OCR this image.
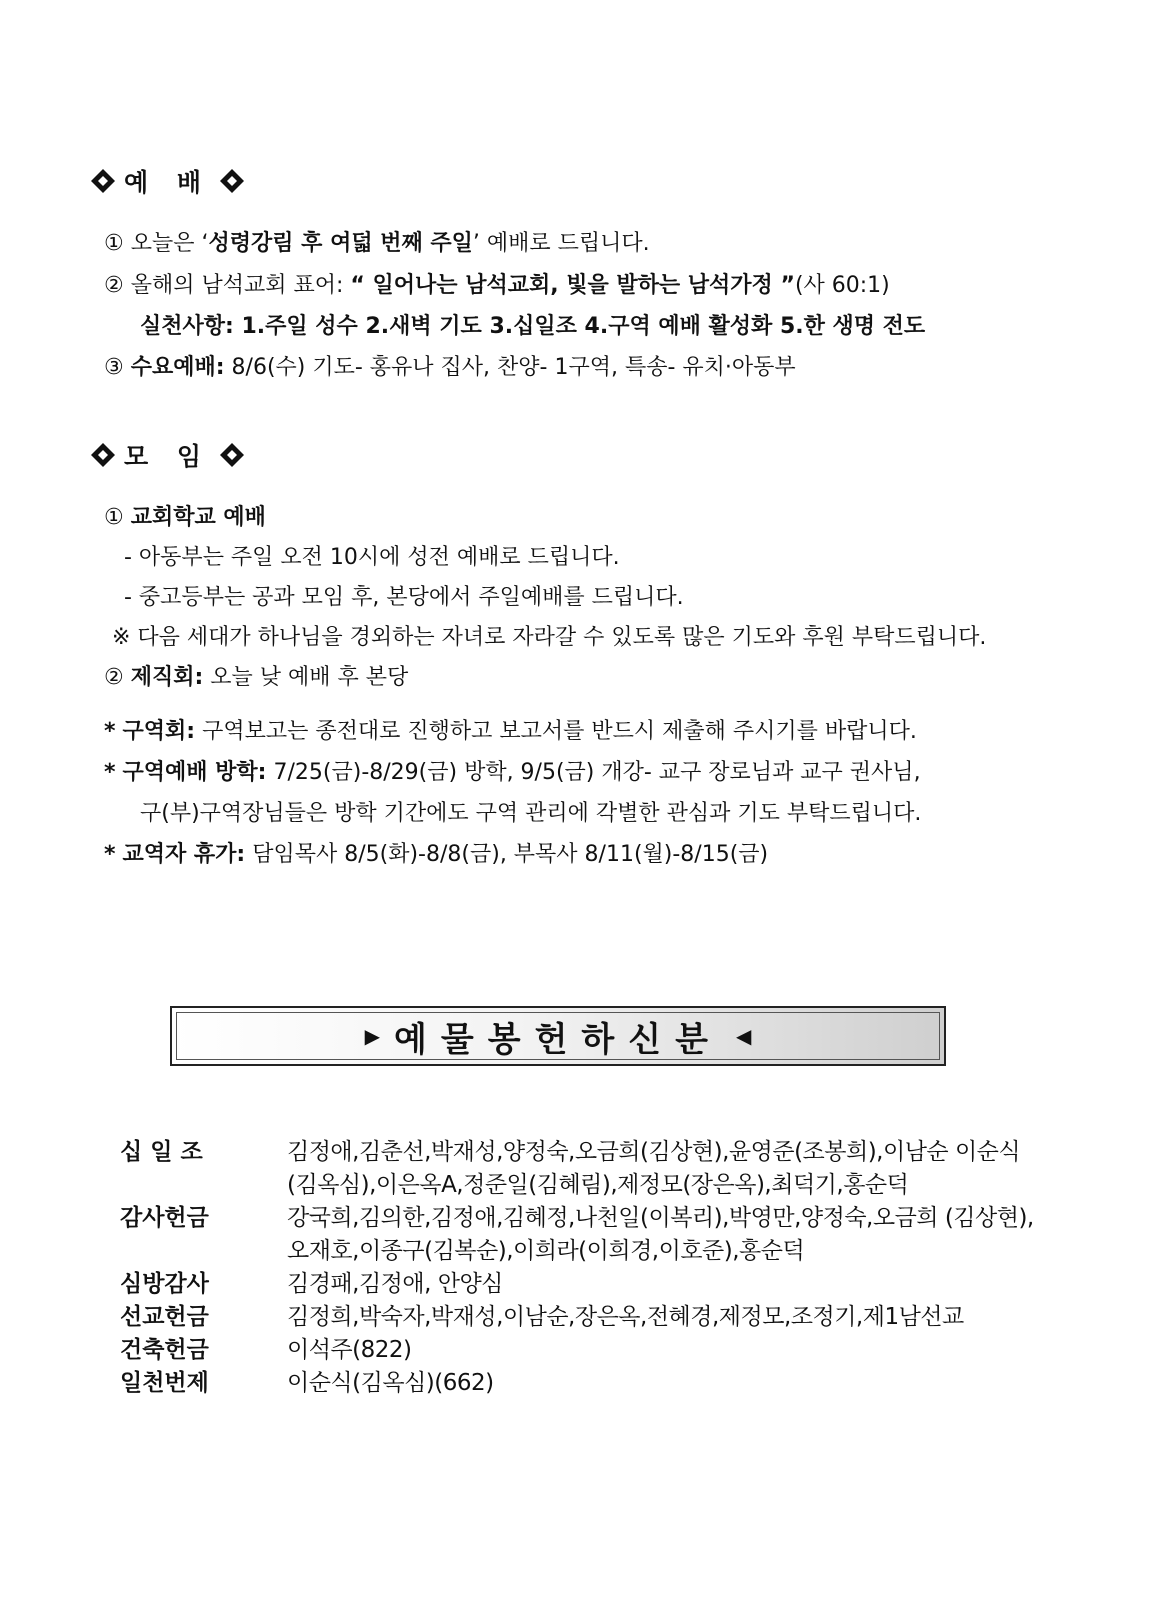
예 배
① 오늘은 ‘성령강림 후 여덟 번째 주일’ 예배로 드립니다.
② 올해의 남석교회 표어: “ 일어나는 남석교회, 빛을 발하는 남석가정 ”(사 60:1)
실천사항: 1.주일 성수 2.새벽 기도 3.십일조 4.구역 예배 활성화 5.한 생명 전도
③ 수요예배: 8/6(수) 기도- 홍유나 집사, 찬양- 1구역, 특송- 유치·아동부
모 임
① 교회학교 예배
- 아동부는 주일 오전 10시에 성전 예배로 드립니다.
- 중고등부는 공과 모임 후, 본당에서 주일예배를 드립니다.
※ 다음 세대가 하나님을 경외하는 자녀로 자라갈 수 있도록 많은 기도와 후원 부탁드립니다.
② 제직회: 오늘 낮 예배 후 본당
* 구역회: 구역보고는 종전대로 진행하고 보고서를 반드시 제출해 주시기를 바랍니다.
* 구역예배 방학: 7/25(금)-8/29(금) 방학, 9/5(금) 개강- 교구 장로님과 교구 권사님,
구(부)구역장님들은 방학 기간에도 구역 관리에 각별한 관심과 기도 부탁드립니다.
* 교역자 휴가: 담임목사 8/5(화)-8/8(금), 부목사 8/11(월)-8/15(금)
▶ 예물봉헌하신분 ◀
십 일 조	김정애,김춘선,박재성,양정숙,오금희(김상현),윤영준(조봉희),이남순 이순식(김옥심),이은옥A,정준일(김혜림),제정모(장은옥),최덕기,홍순덕
감사헌금	강국희,김의한,김정애,김혜정,나천일(이복리),박영만,양정숙,오금희 (김상현),오재호,이종구(김복순),이희라(이희경,이호준),홍순덕
심방감사	김경패,김정애, 안양심
선교헌금	김정희,박숙자,박재성,이남순,장은옥,전혜경,제정모,조정기,제1남선교
건축헌금	이석주(822)
일천번제	이순식(김옥심)(662)
